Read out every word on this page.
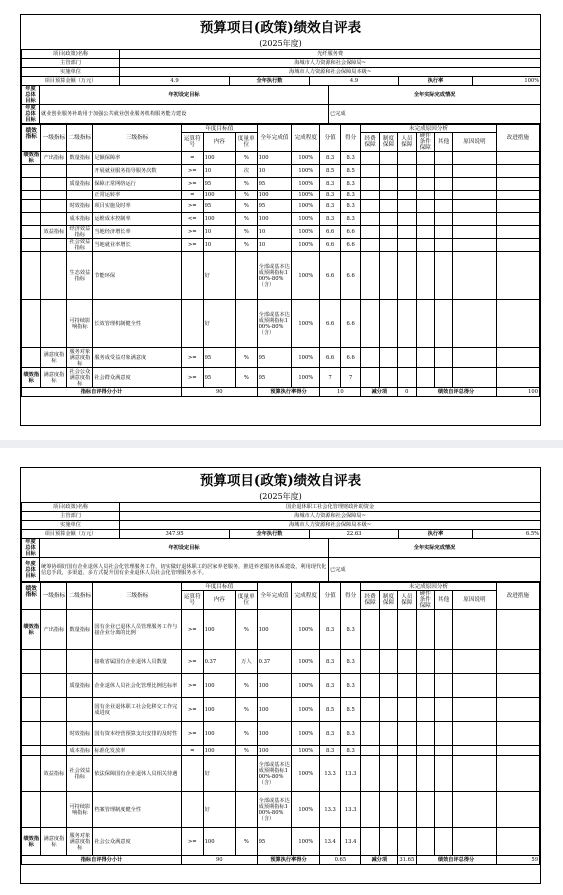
预算项目(政策)绩效自评表
(2025年度)
项目(政策)名称		光纤服务费					
主管部门		海城市人力资源和社会保障局~					
实施单位		海城市人力资源和社会保障局本级~					
项目预算金额（万元）		4.9	全年执行数	4.9		执行率	100%
年度总体目标	年初设定目标				全年实际完成情况		
年度总体目标	就业创业服务补助用于加强公共就业创业服务机构服务能力建设				已完成		
绩效指标	一级指标	二级指标	三级指标	年度目标值			全年完成值	完成程度	分值	得分	未完成原因分析						改进措施
				运算符号	内容	度量单位					经费保障	制度保障	人员保障	硬件条件保障	其他	原因说明	

绩效指标	产出指标	数量指标	足额保障率	=	100	%	100	100%	8.3	8.3							
			开展就业服务指导服务次数	>=	10	次	10	100%	8.5	8.5							
		质量指标	保障正常网络运行	>=	95	%	95	100%	8.3	8.3							
			正常运转率	=	100	%	100	100%	8.3	8.3							
		时效指标	项目实施及时率	>=	95	%	95	100%	8.3	8.3							
		成本指标	运维成本控制率	<=	100	%	100	100%	8.3	8.3							
	效益指标	经济效益指标	当地经济增长率	>=	10	%	10	100%	6.6	6.6							
		社会效益指标	当地就业率增长	>=	10	%	10	100%	6.6	6.6							
		生态效益指标	节能环保		好		全部或基本达成预期指标100%-80%（含）	100%	6.6	6.6							
		可持续影响指标	长效管理机制健全性		好		全部或基本达成预期指标100%-80%（含）	100%	6.6	6.6							
	满意度指标	服务对象满意度指标	服务成受益对象满意度	>=	95	%	95	100%	6.6	6.6							
绩效指标	满意度指标	社会公众满意度指标	社会群众满意度	>=	95	%	95	100%	7	7							
指标自评得分小计				90			预算执行率得分		10		减分项		0	绩效自评总得分			100
预算项目(政策)绩效自评表
(2025年度)
项目(政策)名称		国企退休职工社会化管理财政补助资金					
主管部门		海城市人力资源和社会保障局~					
实施单位		海城市人力资源和社会保障局本级~					
项目预算金额（万元）		347.95	全年执行数	22.63		执行率	6.5%
年度总体目标	年初设定目标				全年实际完成情况		
年度总体目标	统筹协调好国有企业退休人员社会化管理服务工作，切实做好退休职工的居家养老服务，推进养老服务体系建设，利用现代化信息手段，多渠道、多方式提升国有企业退休人员社会化管理服务水平。				已完成		
绩效指标	一级指标	二级指标	三级指标	年度目标值			全年完成值	完成程度	分值	得分	未完成原因分析						改进措施
				运算符号	内容	度量单位					经费保障	制度保障	人员保障	硬件条件保障	其他	原因说明	

绩效指标	产出指标	数量指标	国有企业已退休人员管理服务工作与接企业分离的比例	>=	100	%	100	100%	8.3	8.3							
			接收省属国有企业退休人员数量	>=	0.37	万人	0.37	100%	8.3	8.3							
		质量指标	企业退休人员社会化管理比例达标率	>=	100	%	100	100%	8.3	8.3							
			国有企业退休职工社会化移交工作完成进度	>=	100	%	100	100%	8.5	8.5							
		时效指标	国有资本经营预算支出安排的及时性	>=	100	%	100	100%	8.3	8.3							
		成本指标	标准化发放率	=	100	%	100	100%	8.3	8.3							
	效益指标	社会效益指标	依法保障国有企业退休人员相关待遇		好		全部或基本达成预期指标100%-80%（含）	100%	13.3	13.3							
		可持续影响指标	档案管理制度健全性		好		全部或基本达成预期指标100%-80%（含）	100%	13.3	13.3							
绩效指标	满意度指标	服务对象满意度指标	社会公众满意度	>=	100	%	95	100%	13.4	13.4							
指标自评得分小计				90			预算执行率得分		0.65		减分项		31.65	绩效自评总得分			59
